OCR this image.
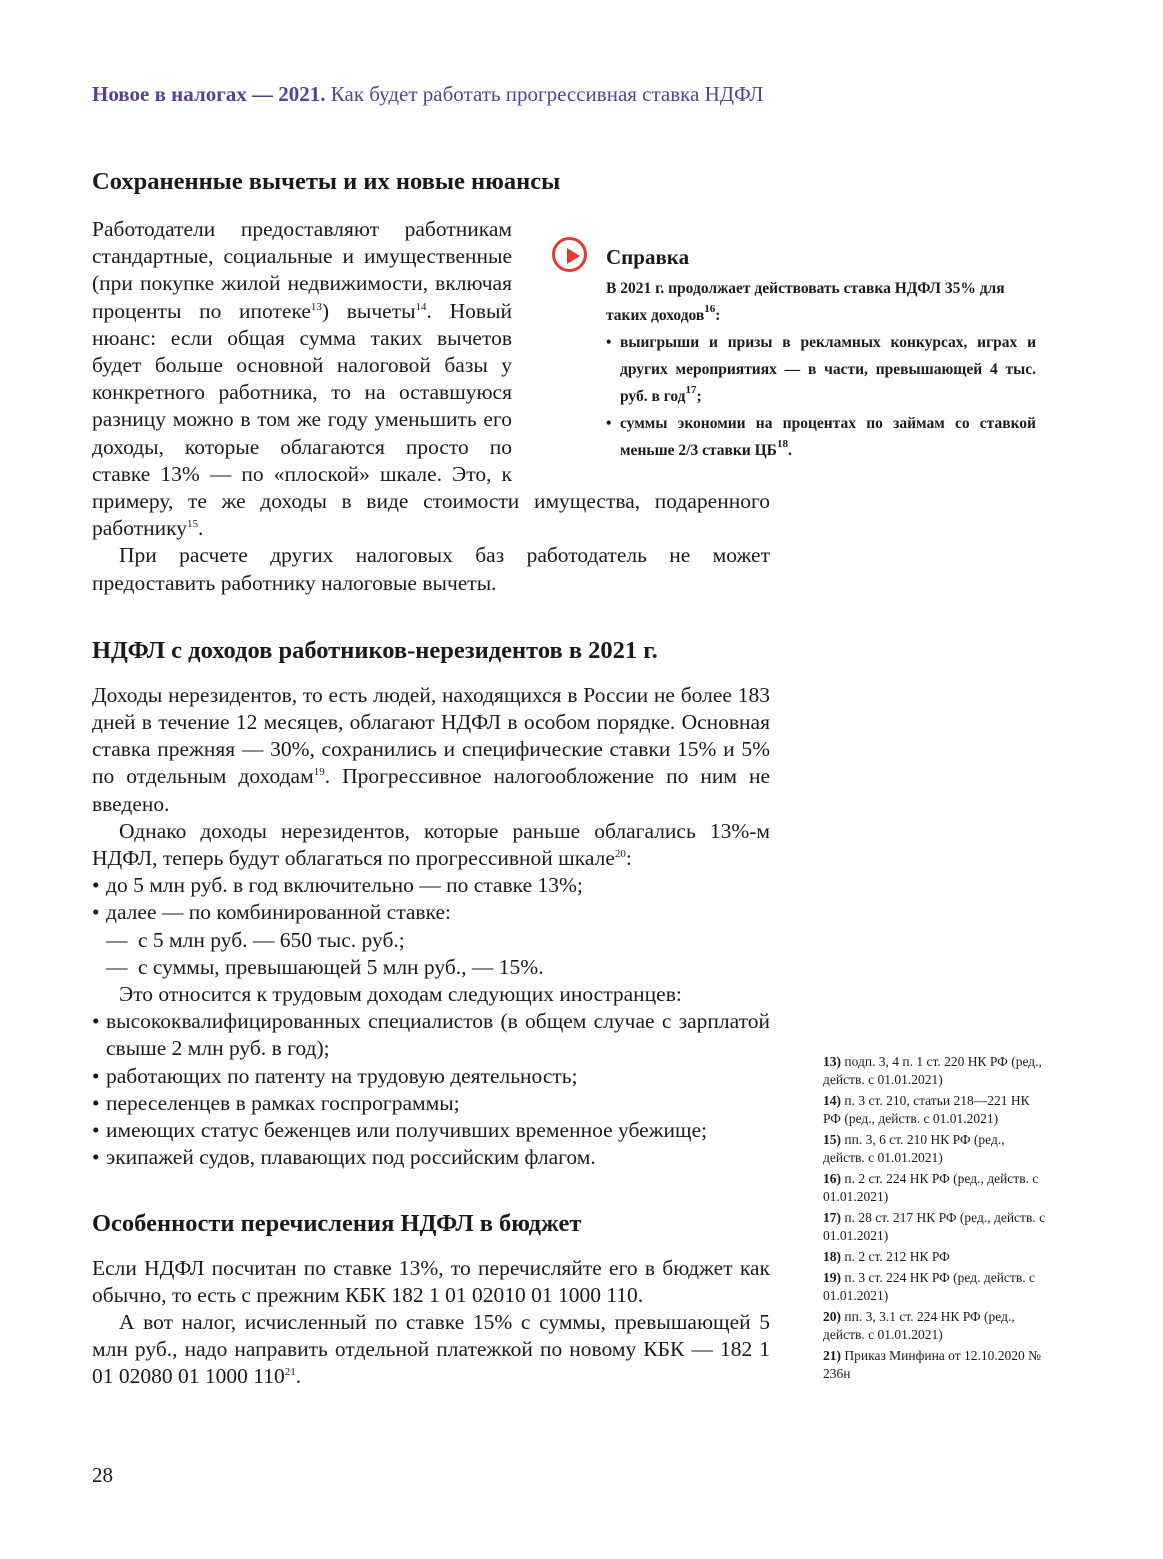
Новое в налогах — 2021. Как будет работать прогрессивная ставка НДФЛ
Сохраненные вычеты и их новые нюансы

Работодатели предоставляют работникам стандартные, социальные и имущественные (при покупке жилой недвижимости, включая проценты по ипотеке$^{13}$) вычеты$^{14}$. Новый нюанс: если общая сумма таких вычетов будет больше основной налоговой базы у конкретного работника, то на оставшуюся разницу можно в том же году уменьшить его доходы, которые облагаются просто по ставке 13% — по «плоской» шкале. Это, к примеру, те же доходы в виде стоимости имущества, подаренного работнику$^{15}$.

При расчете других налоговых баз работодатель не может предоставить работнику налоговые вычеты.

НДФЛ с доходов работников-нерезидентов в 2021 г.

Доходы нерезидентов, то есть людей, находящихся в России не более 183 дней в течение 12 месяцев, облагают НДФЛ в особом порядке. Основная ставка прежняя — 30%, сохранились и специфические ставки 15% и 5% по отдельным доходам$^{19}$. Прогрессивное налогообложение по ним не введено.

Однако доходы нерезидентов, которые раньше облагались 13%-м НДФЛ, теперь будут облагаться по прогрессивной шкале$^{20}$:

• до 5 млн руб. в год включительно — по ставке 13%;
• далее — по комбинированной ставке:
— с 5 млн руб. — 650 тыс. руб.;
— с суммы, превышающей 5 млн руб., — 15%.

Это относится к трудовым доходам следующих иностранцев:

• высококвалифицированных специалистов (в общем случае с зарплатой свыше 2 млн руб. в год);
• работающих по патенту на трудовую деятельность;
• переселенцев в рамках госпрограммы;
• имеющих статус беженцев или получивших временное убежище;
• экипажей судов, плавающих под российским флагом.
Особенности перечисления НДФЛ в бюджет

Если НДФЛ посчитан по ставке 13%, то перечисляйте его в бюджет как обычно, то есть с прежним КБК 182 1 01 02010 01 1000 110.

А вот налог, исчисленный по ставке 15% с суммы, превышающей 5 млн руб., надо направить отдельной платежкой по новому КБК — 182 1 01 02080 01 1000 $110^{21}$.

Справка
В 2021 г. продолжает действовать ставка НДФЛ 35% для таких доходов$^{16}$:
• выигрыши и призы в рекламных конкурсах, играх и других мероприятиях — в части, превышающей 4 тыс. руб. в год$^{17}$;
• суммы экономии на процентах по займам со ставкой меньше 2/3 ставки ЦБ$^{18}$.
13) подп. 3, 4 п. 1 ст. 220 НК РФ (ред., действ. с 01.01.2021)
14) п. 3 ст. 210, статьи 218—221 НК РФ (ред., действ. с 01.01.2021)
15) пп. 3, 6 ст. 210 НК РФ (ред., действ. с 01.01.2021)
16) п. 2 ст. 224 НК РФ (ред., действ. с 01.01.2021)
17) п. 28 ст. 217 НК РФ (ред., действ. с 01.01.2021)
18) п. 2 ст. 212 НК РФ
19) п. 3 ст. 224 НК РФ (ред. действ. с 01.01.2021)
20) пп. 3, 3.1 ст. 224 НК РФ (ред., действ. с 01.01.2021)
21) Приказ Минфина от 12.10.2020 № 236н
28
